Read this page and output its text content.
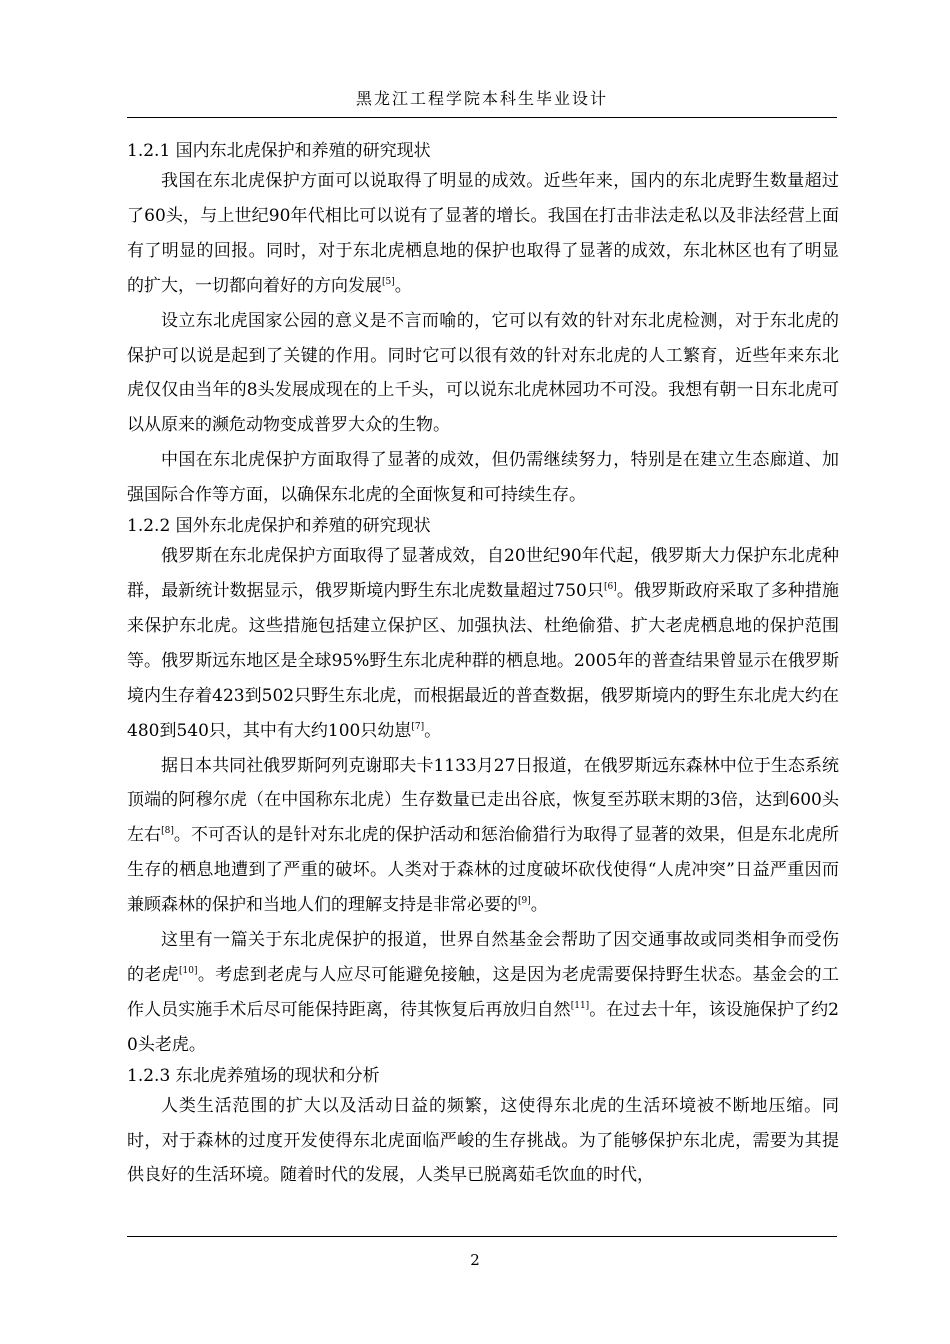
黑龙江工程学院本科生毕业设计
1.2.1 国内东北虎保护和养殖的研究现状

我国在东北虎保护方面可以说取得了明显的成效。近些年来，国内的东北虎野生数量超过了60头，与上世纪90年代相比可以说有了显著的增长。我国在打击非法走私以及非法经营上面有了明显的回报。同时，对于东北虎栖息地的保护也取得了显著的成效，东北林区也有了明显的扩大，一切都向着好的方向发展[5]。

设立东北虎国家公园的意义是不言而喻的，它可以有效的针对东北虎检测，对于东北虎的保护可以说是起到了关键的作用。同时它可以很有效的针对东北虎的人工繁育，近些年来东北虎仅仅由当年的8头发展成现在的上千头，可以说东北虎林园功不可没。我想有朝一日东北虎可以从原来的濒危动物变成普罗大众的生物。

中国在东北虎保护方面取得了显著的成效，但仍需继续努力，特别是在建立生态廊道、加强国际合作等方面，以确保东北虎的全面恢复和可持续生存。

1.2.2 国外东北虎保护和养殖的研究现状

俄罗斯在东北虎保护方面取得了显著成效，自20世纪90年代起，俄罗斯大力保护东北虎种群，最新统计数据显示，俄罗斯境内野生东北虎数量超过750只[6]。俄罗斯政府采取了多种措施来保护东北虎。这些措施包括建立保护区、加强执法、杜绝偷猎、扩大老虎栖息地的保护范围等。俄罗斯远东地区是全球95%野生东北虎种群的栖息地。2005年的普查结果曾显示在俄罗斯境内生存着423到502只野生东北虎，而根据最近的普查数据，俄罗斯境内的野生东北虎大约在480到540只，其中有大约100只幼崽[7]。

据日本共同社俄罗斯阿列克谢耶夫卡1133月27日报道，在俄罗斯远东森林中位于生态系统顶端的阿穆尔虎（在中国称东北虎）生存数量已走出谷底，恢复至苏联末期的3倍，达到600头左右[8]。不可否认的是针对东北虎的保护活动和惩治偷猎行为取得了显著的效果，但是东北虎所生存的栖息地遭到了严重的破坏。人类对于森林的过度破坏砍伐使得“人虎冲突”日益严重因而兼顾森林的保护和当地人们的理解支持是非常必要的[9]。

这里有一篇关于东北虎保护的报道，世界自然基金会帮助了因交通事故或同类相争而受伤的老虎[10]。考虑到老虎与人应尽可能避免接触，这是因为老虎需要保持野生状态。基金会的工作人员实施手术后尽可能保持距离，待其恢复后再放归自然[11]。在过去十年，该设施保护了约20头老虎。

1.2.3 东北虎养殖场的现状和分析

人类生活范围的扩大以及活动日益的频繁，这使得东北虎的生活环境被不断地压缩。同时，对于森林的过度开发使得东北虎面临严峻的生存挑战。为了能够保护东北虎，需要为其提供良好的生活环境。随着时代的发展，人类早已脱离茹毛饮血的时代，

2
